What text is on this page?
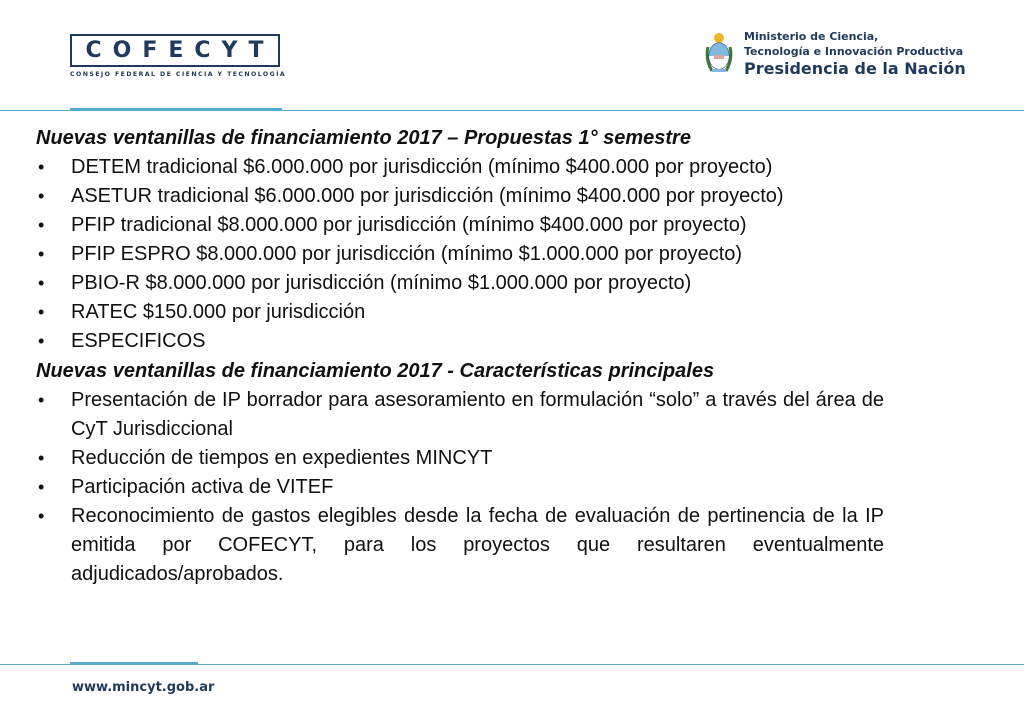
COFECYT
CONSEJO FEDERAL DE CIENCIA Y TECNOLOGÍA
Ministerio de Ciencia,
Tecnología e Innovación Productiva
Presidencia de la Nación
Nuevas ventanillas de financiamiento 2017 – Propuestas 1° semestre
• DETEM tradicional $6.000.000 por jurisdicción (mínimo $400.000 por proyecto)
• ASETUR tradicional $6.000.000 por jurisdicción (mínimo $400.000 por proyecto)
• PFIP tradicional $8.000.000 por jurisdicción (mínimo $400.000 por proyecto)
• PFIP ESPRO $8.000.000 por jurisdicción (mínimo $1.000.000 por proyecto)
• PBIO-R $8.000.000 por jurisdicción (mínimo $1.000.000 por proyecto)
• RATEC $150.000 por jurisdicción
• ESPECIFICOS
Nuevas ventanillas de financiamiento 2017 - Características principales
• Presentación de IP borrador para asesoramiento en formulación “solo” a través del área de CyT Jurisdiccional
• Reducción de tiempos en expedientes MINCYT
• Participación activa de VITEF
• Reconocimiento de gastos elegibles desde la fecha de evaluación de pertinencia de la IP emitida por COFECYT, para los proyectos que resultaren eventualmente adjudicados/aprobados.
www.mincyt.gob.ar
